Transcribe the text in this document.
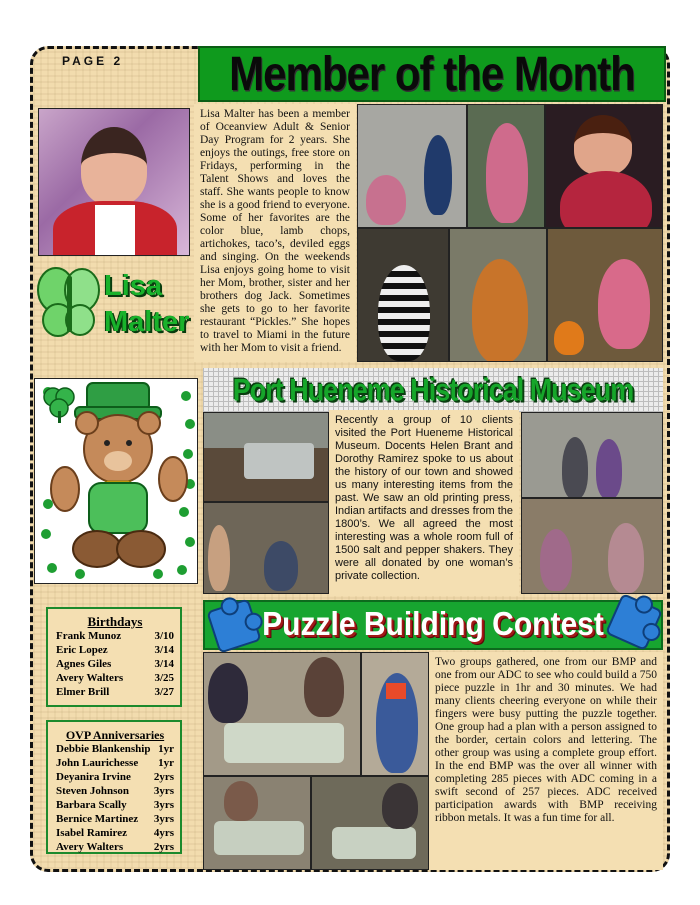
PAGE 2	Member of the Month
Lisa
Malter
Lisa Malter has been a member of Oceanview Adult & Senior Day Program for 2 years. She enjoys the outings, free store on Fridays, performing in the Talent Shows and loves the staff. She wants people to know she is a good friend to everyone. Some of her favorites are the color blue, lamb chops, artichokes, taco’s, deviled eggs and singing. On the weekends Lisa enjoys going home to visit her Mom, brother, sister and her brothers dog Jack. Sometimes she gets to go to her favorite restaurant “Pickles.” She hopes to travel to Miami in the future with her Mom to visit a friend.
Port Hueneme Historical Museum
Recently a group of 10 clients visited the Port Hueneme Historical Museum. Docents Helen Brant and Dorothy Ramirez spoke to us about the history of our town and showed us many interesting items from the past. We saw an old printing press, Indian artifacts and dresses from the 1800’s. We all agreed the most interesting was a whole room full of 1500 salt and pepper shakers. They were all donated by one woman’s private collection.
Birthdays
Frank Munoz	3/10
Eric Lopez	3/14
Agnes Giles	3/14
Avery Walters	3/25
Elmer Brill	3/27
OVP Anniversaries
Debbie Blankenship 1yr
John Laurichesse 1yr
Deyanira Irvine 2yrs
Steven Johnson 3yrs
Barbara Scally 3yrs
Bernice Martinez 3yrs
Isabel Ramirez 4yrs
Avery Walters	2yrs
Puzzle Building Contest
Two groups gathered, one from our BMP and one from our ADC to see who could build a 750 piece puzzle in 1hr and 30 minutes. We had many clients cheering everyone on while their fingers were busy putting the puzzle together. One group had a plan with a person assigned to the border, certain colors and lettering. The other group was using a complete group effort. In the end BMP was the over all winner with completing 285 pieces with ADC coming in a swift second of 257 pieces. ADC received participation awards with BMP receiving ribbon metals. It was a fun time for all.
